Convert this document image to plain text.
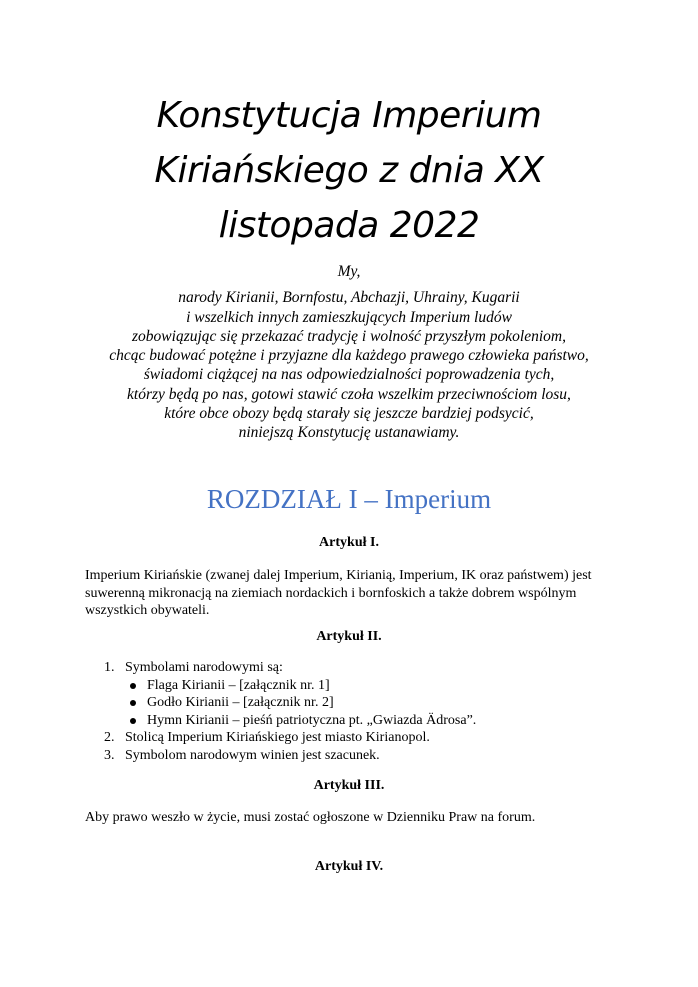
Konstytucja Imperium
Kiriańskiego z dnia XX
listopada 2022
My,
narody Kirianii, Bornfostu, Abchazji, Uhrainy, Kugarii
i wszelkich innych zamieszkujących Imperium ludów
zobowiązując się przekazać tradycję i wolność przyszłym pokoleniom,
chcąc budować potężne i przyjazne dla każdego prawego człowieka państwo,
świadomi ciążącej na nas odpowiedzialności poprowadzenia tych,
którzy będą po nas, gotowi stawić czoła wszelkim przeciwnościom losu,
które obce obozy będą starały się jeszcze bardziej podsycić,
niniejszą Konstytucję ustanawiamy.
ROZDZIAŁ I – Imperium
Artykuł I.
Imperium Kiriańskie (zwanej dalej Imperium, Kirianią, Imperium, IK oraz państwem) jest
suwerenną mikronacją na ziemiach nordackich i bornfoskich a także dobrem wspólnym
wszystkich obywateli.
Artykuł II.
1. Symbolami narodowymi są:
Flaga Kirianii – [załącznik nr. 1]
Godło Kirianii – [załącznik nr. 2]
Hymn Kirianii – pieśń patriotyczna pt. „Gwiazda Ädrosa”.
2. Stolicą Imperium Kiriańskiego jest miasto Kirianopol.
3. Symbolom narodowym winien jest szacunek.
Artykuł III.
Aby prawo weszło w życie, musi zostać ogłoszone w Dzienniku Praw na forum.
Artykuł IV.
